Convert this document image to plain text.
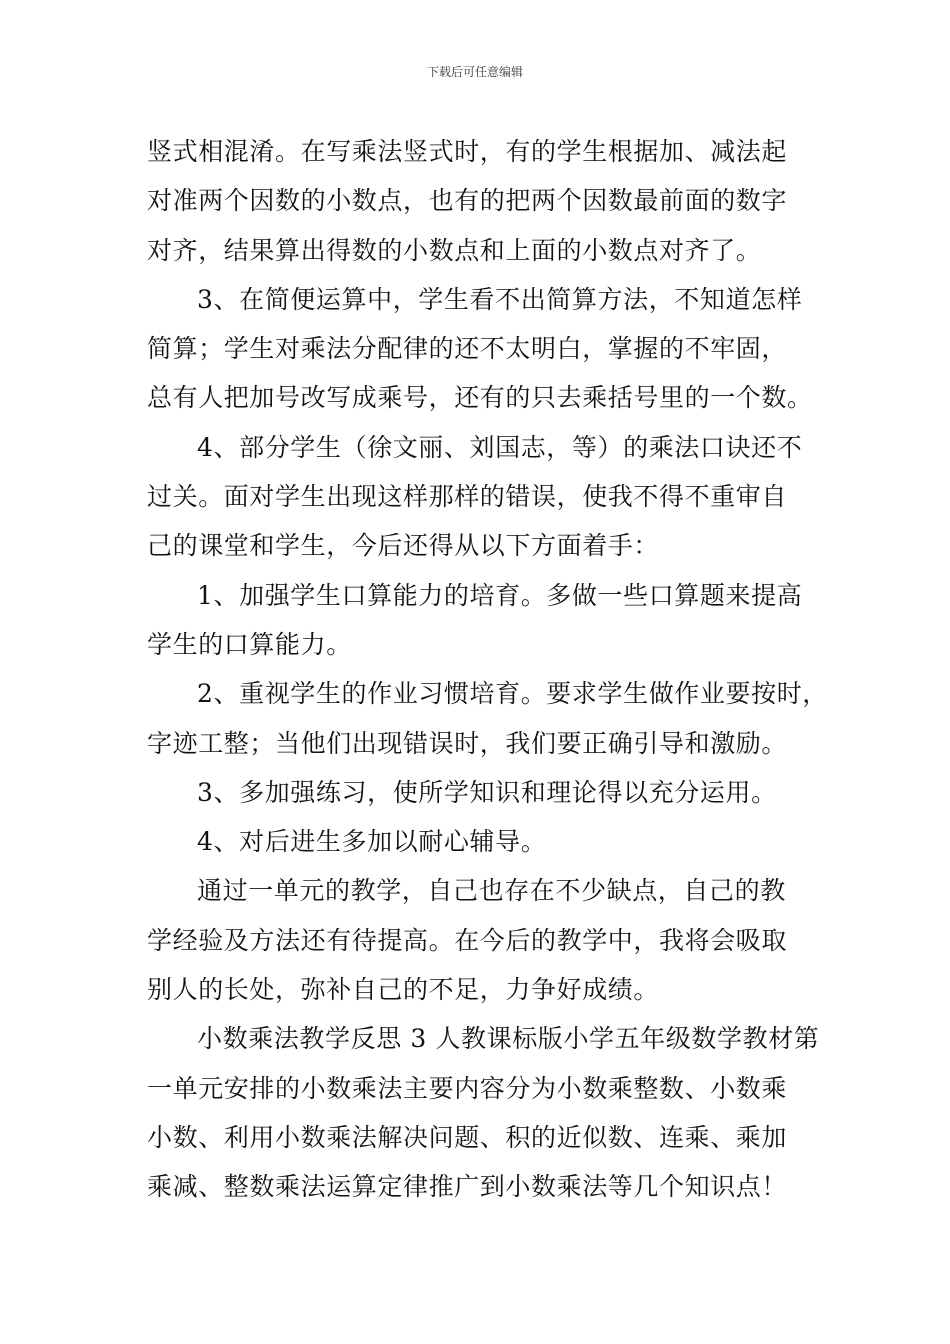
下载后可任意编辑
竖式相混淆。在写乘法竖式时，有的学生根据加、减法起
对准两个因数的小数点，也有的把两个因数最前面的数字
对齐，结果算出得数的小数点和上面的小数点对齐了。
3、在简便运算中，学生看不出简算方法，不知道怎样
简算；学生对乘法分配律的还不太明白，掌握的不牢固，
总有人把加号改写成乘号，还有的只去乘括号里的一个数。
4、部分学生（徐文丽、刘国志，等）的乘法口诀还不
过关。面对学生出现这样那样的错误，使我不得不重审自
己的课堂和学生，今后还得从以下方面着手：
1、加强学生口算能力的培育。多做一些口算题来提高
学生的口算能力。
2、重视学生的作业习惯培育。要求学生做作业要按时，
字迹工整；当他们出现错误时，我们要正确引导和激励。
3、多加强练习，使所学知识和理论得以充分运用。
4、对后进生多加以耐心辅导。
通过一单元的教学，自己也存在不少缺点，自己的教
学经验及方法还有待提高。在今后的教学中，我将会吸取
别人的长处，弥补自己的不足，力争好成绩。
小数乘法教学反思 3 人教课标版小学五年级数学教材第
一单元安排的小数乘法主要内容分为小数乘整数、小数乘
小数、利用小数乘法解决问题、积的近似数、连乘、乘加
乘减、整数乘法运算定律推广到小数乘法等几个知识点！
